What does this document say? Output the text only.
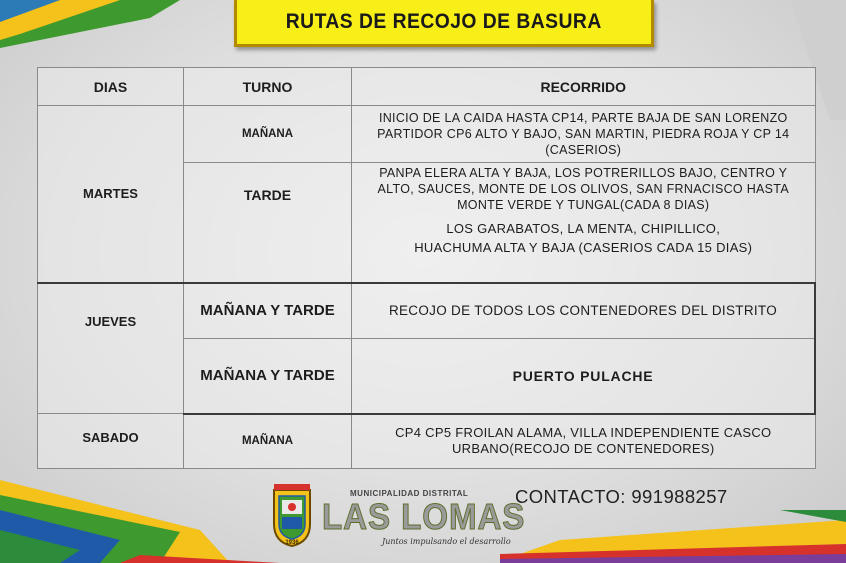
RUTAS DE RECOJO DE BASURA
DIAS	TURNO	RECORRIDO
MARTES	MAÑANA	INICIO DE LA CAIDA HASTA CP14, PARTE BAJA DE SAN LORENZO PARTIDOR CP6 ALTO Y BAJO, SAN MARTIN, PIEDRA ROJA Y CP 14 (CASERIOS)
	TARDE	PANPA ELERA ALTA Y BAJA, LOS POTRERILLOS BAJO, CENTRO Y ALTO, SAUCES, MONTE DE LOS OLIVOS, SAN FRNACISCO HASTA MONTE VERDE Y TUNGAL(CADA 8 DIAS)
LOS GARABATOS, LA MENTA, CHIPILLICO, HUACHUMA ALTA Y BAJA (CASERIOS CADA 15 DIAS)

JUEVES	MAÑANA Y TARDE	RECOJO DE TODOS LOS CONTENEDORES DEL DISTRITO
	MAÑANA Y TARDE	PUERTO PULACHE
SABADO	MAÑANA	CP4 CP5 FROILAN ALAMA, VILLA INDEPENDIENTE CASCO URBANO(RECOJO DE CONTENEDORES)
1936
MUNICIPALIDAD DISTRITAL
LAS LOMAS
Juntos impulsando el desarrollo
CONTACTO: 991988257
